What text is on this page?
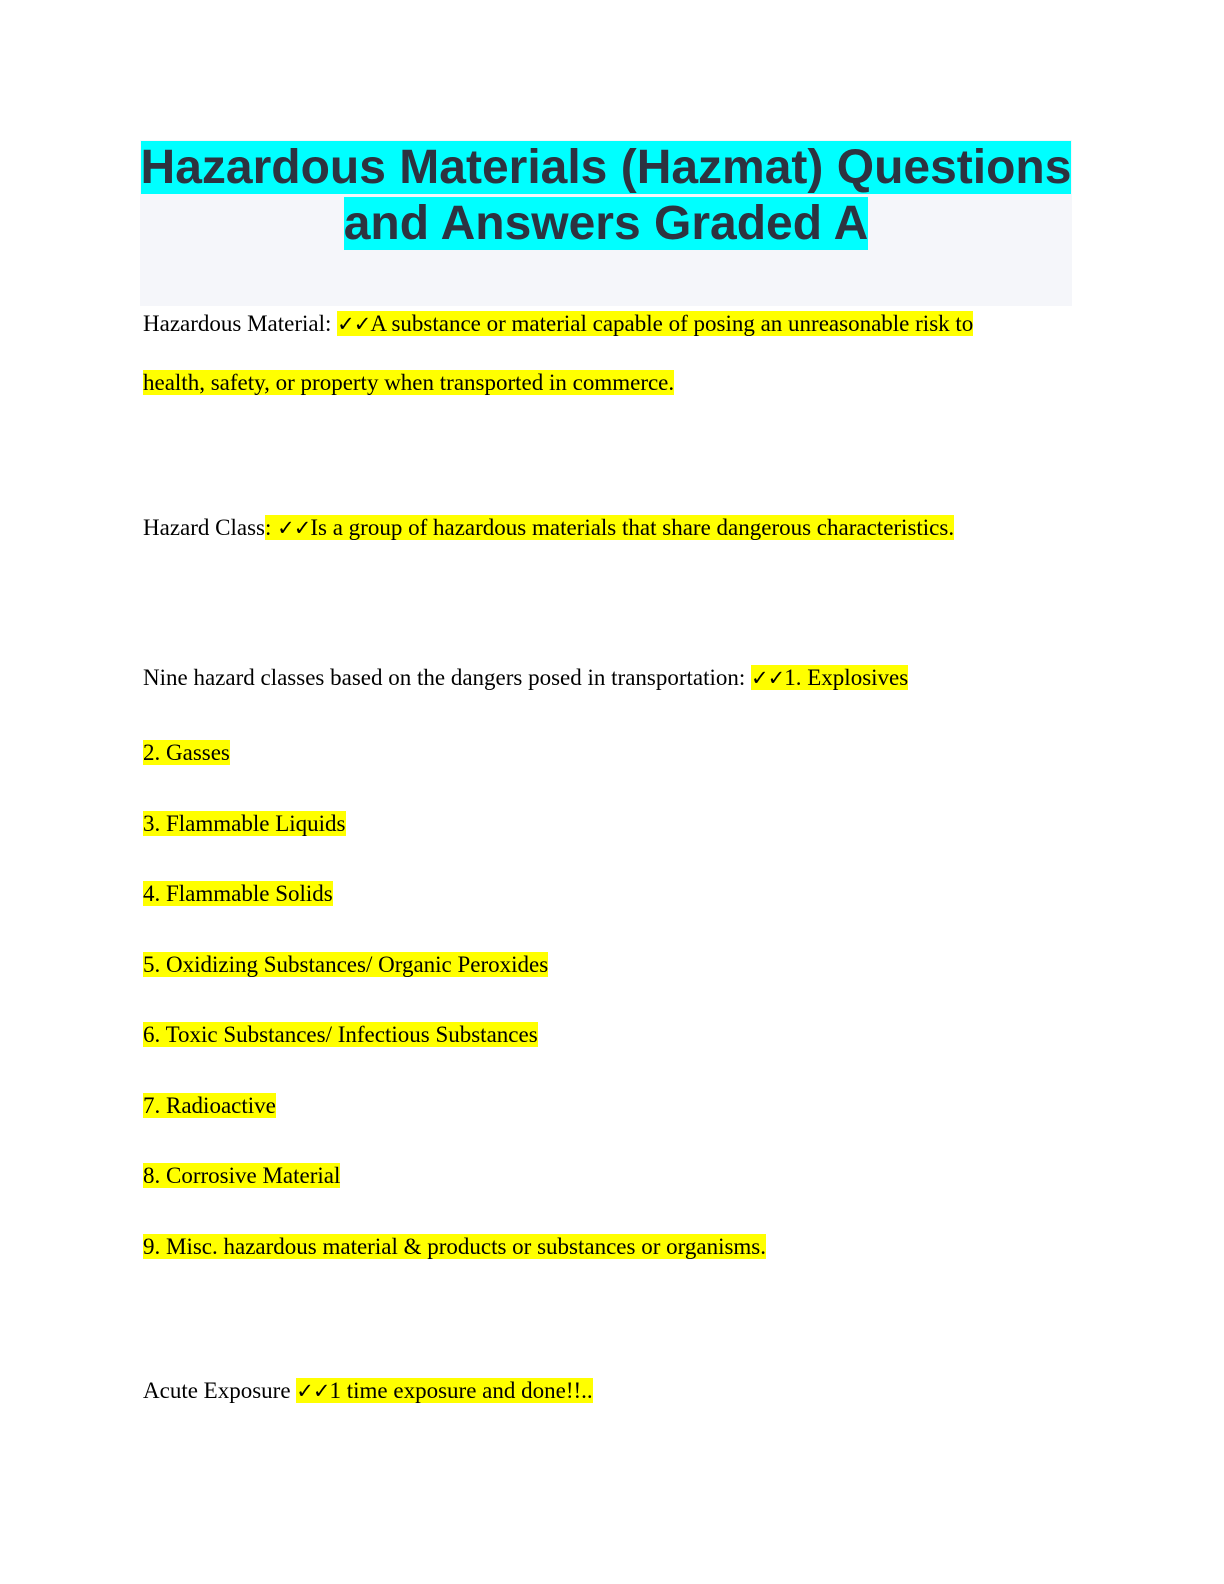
Hazardous Materials (Hazmat) Questions and Answers Graded A
Hazardous Material: ✓✓A substance or material capable of posing an unreasonable risk to
health, safety, or property when transported in commerce.
Hazard Class: ✓✓Is a group of hazardous materials that share dangerous characteristics.
Nine hazard classes based on the dangers posed in transportation: ✓✓1. Explosives
2. Gasses
3. Flammable Liquids
4. Flammable Solids
5. Oxidizing Substances/ Organic Peroxides
6. Toxic Substances/ Infectious Substances
7. Radioactive
8. Corrosive Material
9. Misc. hazardous material & products or substances or organisms.
Acute Exposure ✓✓1 time exposure and done!!..
